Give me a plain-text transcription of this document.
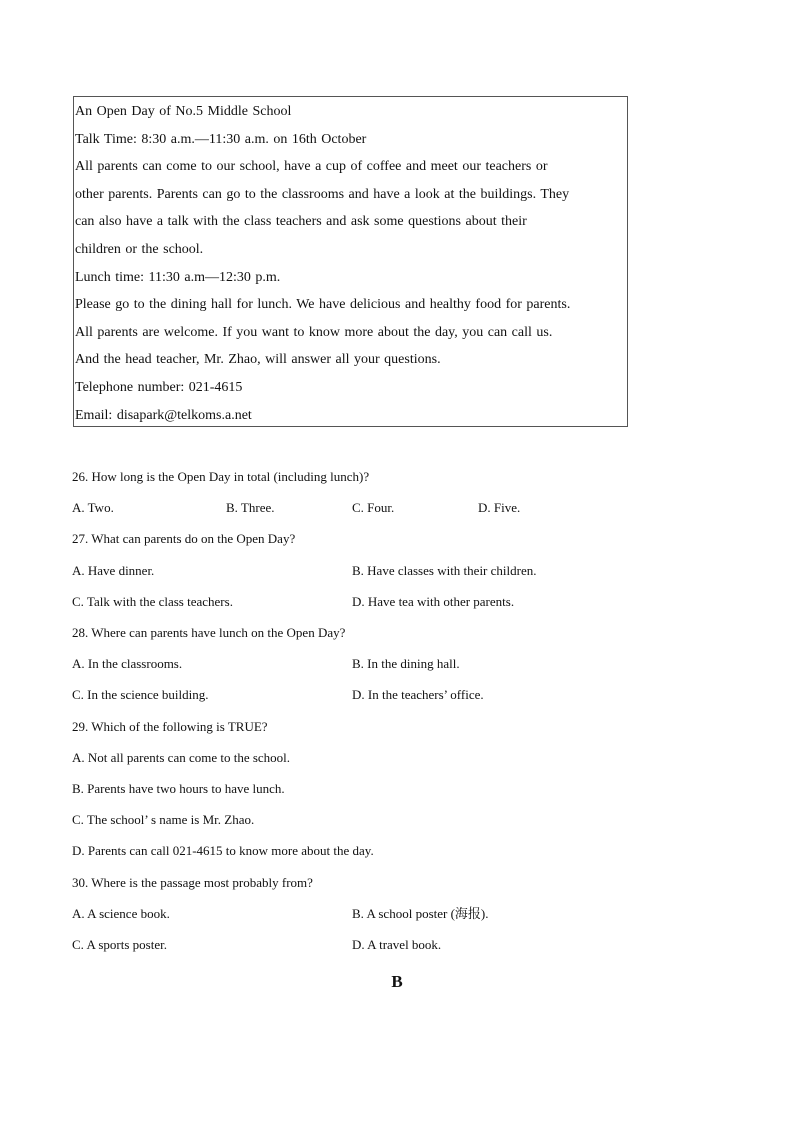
An Open Day of No.5 Middle School
Talk Time: 8:30 a.m.—11:30 a.m. on 16th October
All parents can come to our school, have a cup of coffee and meet our teachers or
other parents. Parents can go to the classrooms and have a look at the buildings. They
can also have a talk with the class teachers and ask some questions about their
children or the school.
Lunch time: 11:30 a.m—12:30 p.m.
Please go to the dining hall for lunch. We have delicious and healthy food for parents.
All parents are welcome. If you want to know more about the day, you can call us.
And the head teacher, Mr. Zhao, will answer all your questions.
Telephone number: 021-4615
Email: disapark@telkoms.a.net
26. How long is the Open Day in total (including lunch)?
A. Two.	B. Three.	C. Four.	D. Five.
27. What can parents do on the Open Day?
A. Have dinner.	B. Have classes with their children.
C. Talk with the class teachers.	D. Have tea with other parents.
28. Where can parents have lunch on the Open Day?
A. In the classrooms.	B. In the dining hall.
C. In the science building.	D. In the teachers’ office.
29. Which of the following is TRUE?
A. Not all parents can come to the school.
B. Parents have two hours to have lunch.
C. The school’ s name is Mr. Zhao.
D. Parents can call 021-4615 to know more about the day.
30. Where is the passage most probably from?
A. A science book.	B. A school poster (海报).
C. A sports poster.	D. A travel book.
B
